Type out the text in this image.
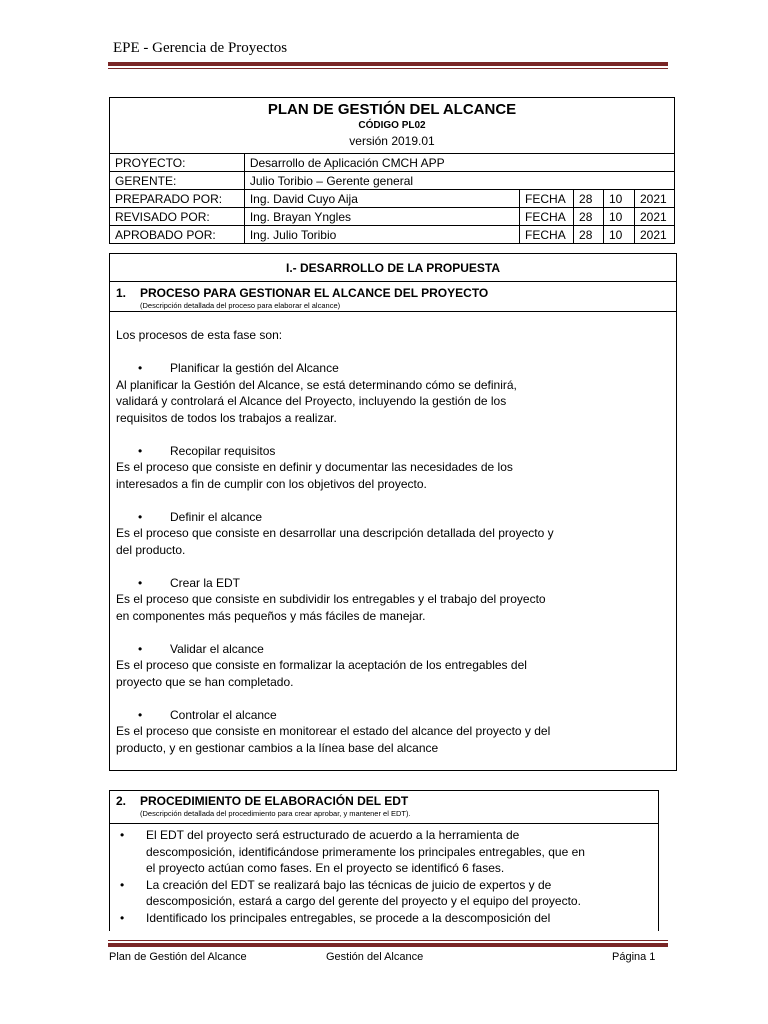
EPE - Gerencia de Proyectos
PLAN DE GESTIÓN DEL ALCANCE
CÓDIGO PL02
versión 2019.01
PROYECTO:	Desarrollo de Aplicación CMCH APP				
GERENTE:	Julio Toribio – Gerente general				
PREPARADO POR:	Ing. David Cuyo Aija	FECHA	28	10	2021
REVISADO POR:	Ing. Brayan Yngles	FECHA	28	10	2021
APROBADO POR:	Ing. Julio Toribio	FECHA	28	10	2021
I.- DESARROLLO DE LA PROPUESTA
1. PROCESO PARA GESTIONAR EL ALCANCE DEL PROYECTO
(Descripción detallada del proceso para elaborar el alcance)

Los procesos de esta fase son:

• Planificar la gestión del Alcance

Al planificar la Gestión del Alcance, se está determinando cómo se definirá,

validará y controlará el Alcance del Proyecto, incluyendo la gestión de los

requisitos de todos los trabajos a realizar.

• Recopilar requisitos

Es el proceso que consiste en definir y documentar las necesidades de los

interesados a fin de cumplir con los objetivos del proyecto.

• Definir el alcance

Es el proceso que consiste en desarrollar una descripción detallada del proyecto y

del producto.

• Crear la EDT

Es el proceso que consiste en subdividir los entregables y el trabajo del proyecto

en componentes más pequeños y más fáciles de manejar.

• Validar el alcance

Es el proceso que consiste en formalizar la aceptación de los entregables del

proyecto que se han completado.

• Controlar el alcance

Es el proceso que consiste en monitorear el estado del alcance del proyecto y del

producto, y en gestionar cambios a la línea base del alcance

2. PROCEDIMIENTO DE ELABORACIÓN DEL EDT
(Descripción detallada del procedimiento para crear aprobar, y mantener el EDT).
• El EDT del proyecto será estructurado de acuerdo a la herramienta de
descomposición, identificándose primeramente los principales entregables, que en
el proyecto actúan como fases. En el proyecto se identificó 6 fases.
• La creación del EDT se realizará bajo las técnicas de juicio de expertos y de
descomposición, estará a cargo del gerente del proyecto y el equipo del proyecto.
• Identificado los principales entregables, se procede a la descomposición del
Plan de Gestión del Alcance	Gestión del Alcance	Página 1
